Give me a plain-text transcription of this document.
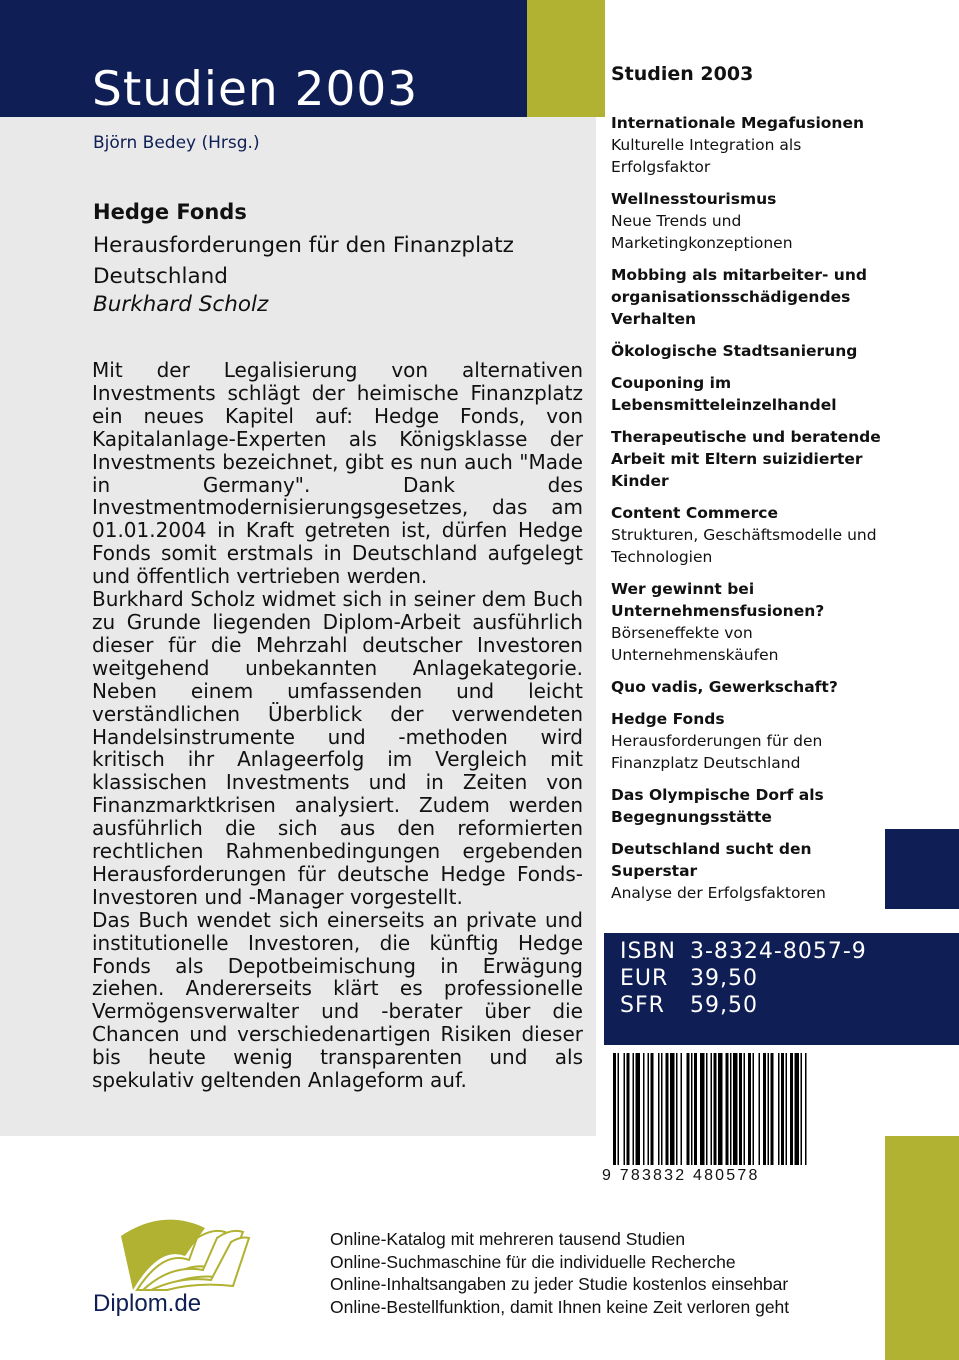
Studien 2003
Björn Bedey (Hrsg.)
Hedge Fonds
Herausforderungen für den Finanzplatz Deutschland
Burkhard Scholz

Mit der Legalisierung von alternativen Investments schlägt der heimische Finanzplatz ein neues Kapitel auf: Hedge Fonds, von Kapitalanlage-Experten als Königsklasse der Investments bezeichnet, gibt es nun auch "Made in Germany". Dank des Investmentmodernisierungsgesetzes, das am 01.01.2004 in Kraft getreten ist, dürfen Hedge Fonds somit erstmals in Deutschland aufgelegt und öffentlich vertrieben werden.

Burkhard Scholz widmet sich in seiner dem Buch zu Grunde liegenden Diplom-Arbeit ausführlich dieser für die Mehrzahl deutscher Investoren weitgehend unbekannten Anlagekategorie. Neben einem umfassenden und leicht verständlichen Überblick der verwendeten Handelsinstrumente und -methoden wird kritisch ihr Anlageerfolg im Vergleich mit klassischen Investments und in Zeiten von Finanzmarktkrisen analysiert. Zudem werden ausführlich die sich aus den reformierten rechtlichen Rahmenbedingungen ergebenden Herausforderungen für deutsche Hedge Fonds-Investoren und -Manager vorgestellt.

Das Buch wendet sich einerseits an private und institutionelle Investoren, die künftig Hedge Fonds als Depotbeimischung in Erwägung ziehen. Andererseits klärt es professionelle Vermögensverwalter und -berater über die Chancen und verschiedenartigen Risiken dieser bis heute wenig transparenten und als spekulativ geltenden Anlageform auf.

Studien 2003
Internationale Megafusionen
Kulturelle Integration als Erfolgsfaktor
Wellnesstourismus
Neue Trends und Marketingkonzeptionen
Mobbing als mitarbeiter- und organisationsschädigendes Verhalten
Ökologische Stadtsanierung
Couponing im Lebensmitteleinzelhandel
Therapeutische und beratende Arbeit mit Eltern suizidierter Kinder
Content Commerce
Strukturen, Geschäftsmodelle und Technologien
Wer gewinnt bei Unternehmensfusionen?
Börseneffekte von Unternehmenskäufen
Quo vadis, Gewerkschaft?
Hedge Fonds
Herausforderungen für den Finanzplatz Deutschland
Das Olympische Dorf als Begegnungsstätte
Deutschland sucht den Superstar
Analyse der Erfolgsfaktoren
ISBN 3-8324-8057-9
EUR 39,50
SFR 59,50
9 783832 480578
Diplom.de
Online-Katalog mit mehreren tausend Studien
Online-Suchmaschine für die individuelle Recherche
Online-Inhaltsangaben zu jeder Studie kostenlos einsehbar
Online-Bestellfunktion, damit Ihnen keine Zeit verloren geht
